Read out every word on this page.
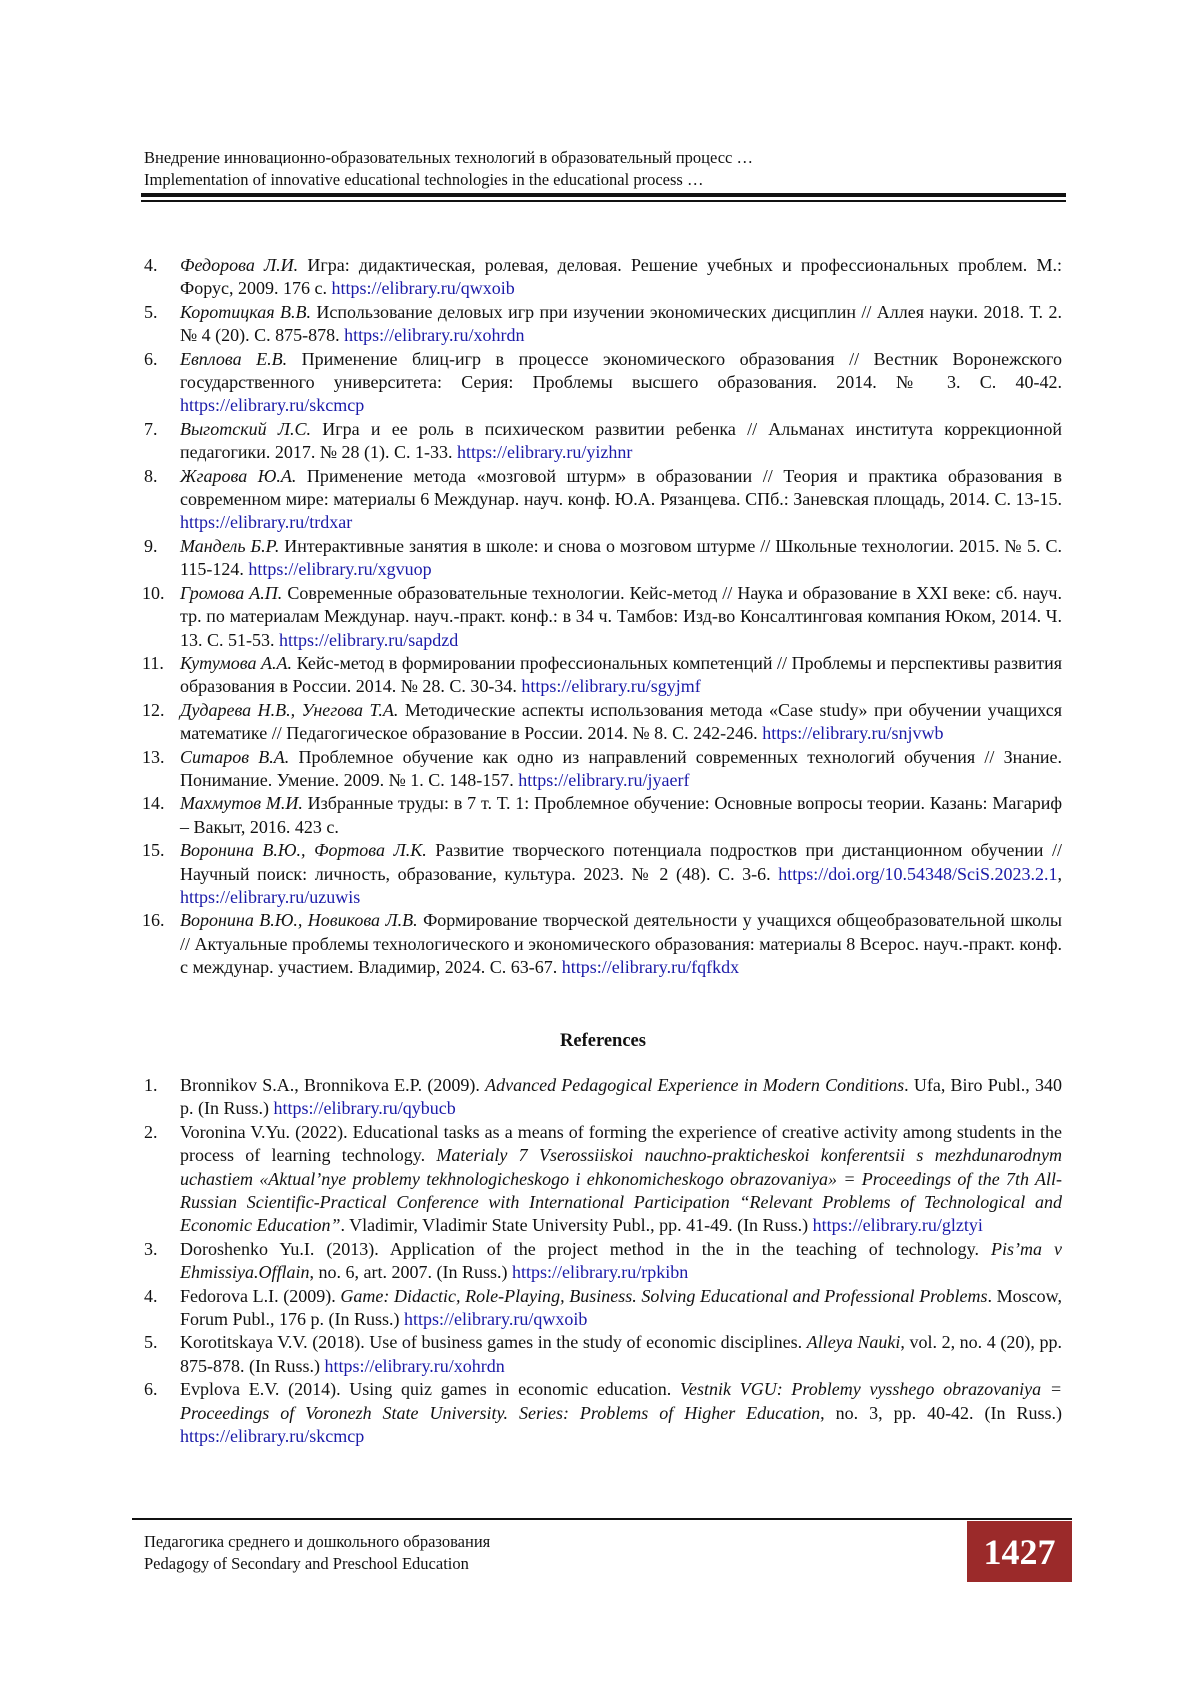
Внедрение инновационно-образовательных технологий в образовательный процесс …
Implementation of innovative educational technologies in the educational process …
4. Федорова Л.И. Игра: дидактическая, ролевая, деловая. Решение учебных и профессиональных проблем. М.: Форус, 2009. 176 с. https://elibrary.ru/qwxoib
5. Коротицкая В.В. Использование деловых игр при изучении экономических дисциплин // Аллея науки. 2018. Т. 2. № 4 (20). С. 875-878. https://elibrary.ru/xohrdn
6. Евплова Е.В. Применение блиц-игр в процессе экономического образования // Вестник Воронежского государственного университета: Серия: Проблемы высшего образования. 2014. № 3. С. 40-42. https://elibrary.ru/skcmcp
7. Выготский Л.С. Игра и ее роль в психическом развитии ребенка // Альманах института коррекционной педагогики. 2017. № 28 (1). С. 1-33. https://elibrary.ru/yizhnr
8. Жгарова Ю.А. Применение метода «мозговой штурм» в образовании // Теория и практика образования в современном мире: материалы 6 Междунар. науч. конф. Ю.А. Рязанцева. СПб.: Заневская площадь, 2014. С. 13-15. https://elibrary.ru/trdxar
9. Мандель Б.Р. Интерактивные занятия в школе: и снова о мозговом штурме // Школьные технологии. 2015. № 5. С. 115-124. https://elibrary.ru/xgvuop
10. Громова А.П. Современные образовательные технологии. Кейс-метод // Наука и образование в XXI веке: сб. науч. тр. по материалам Междунар. науч.-практ. конф.: в 34 ч. Тамбов: Изд-во Консалтинговая компания Юком, 2014. Ч. 13. С. 51-53. https://elibrary.ru/sapdzd
11. Кутумова А.А. Кейс-метод в формировании профессиональных компетенций // Проблемы и перспективы развития образования в России. 2014. № 28. С. 30-34. https://elibrary.ru/sgyjmf
12. Дударева Н.В., Унегова Т.А. Методические аспекты использования метода «Case study» при обучении учащихся математике // Педагогическое образование в России. 2014. № 8. С. 242-246. https://elibrary.ru/snjvwb
13. Ситаров В.А. Проблемное обучение как одно из направлений современных технологий обучения // Знание. Понимание. Умение. 2009. № 1. С. 148-157. https://elibrary.ru/jyaerf
14. Махмутов М.И. Избранные труды: в 7 т. Т. 1: Проблемное обучение: Основные вопросы теории. Казань: Магариф – Вакыт, 2016. 423 с.
15. Воронина В.Ю., Фортова Л.К. Развитие творческого потенциала подростков при дистанционном обучении // Научный поиск: личность, образование, культура. 2023. № 2 (48). С. 3-6. https://doi.org/10.54348/SciS.2023.2.1, https://elibrary.ru/uzuwis
16. Воронина В.Ю., Новикова Л.В. Формирование творческой деятельности у учащихся общеобразовательной школы // Актуальные проблемы технологического и экономического образования: материалы 8 Всерос. науч.-практ. конф. с междунар. участием. Владимир, 2024. С. 63-67. https://elibrary.ru/fqfkdx
References
1. Bronnikov S.A., Bronnikova E.P. (2009). Advanced Pedagogical Experience in Modern Conditions. Ufa, Biro Publ., 340 p. (In Russ.) https://elibrary.ru/qybucb
2. Voronina V.Yu. (2022). Educational tasks as a means of forming the experience of creative activity among students in the process of learning technology. Materialy 7 Vserossiiskoi nauchno-prakticheskoi konferentsii s mezhdunarodnym uchastiem «Aktual’nye problemy tekhnologicheskogo i ehkonomicheskogo obrazovaniya» = Proceedings of the 7th All-Russian Scientific-Practical Conference with International Participation “Relevant Problems of Technological and Economic Education”. Vladimir, Vladimir State University Publ., pp. 41-49. (In Russ.) https://elibrary.ru/glztyi
3. Doroshenko Yu.I. (2013). Application of the project method in the in the teaching of technology. Pis’ma v Ehmissiya.Offlain, no. 6, art. 2007. (In Russ.) https://elibrary.ru/rpkibn
4. Fedorova L.I. (2009). Game: Didactic, Role-Playing, Business. Solving Educational and Professional Problems. Moscow, Forum Publ., 176 p. (In Russ.) https://elibrary.ru/qwxoib
5. Korotitskaya V.V. (2018). Use of business games in the study of economic disciplines. Alleya Nauki, vol. 2, no. 4 (20), pp. 875-878. (In Russ.) https://elibrary.ru/xohrdn
6. Evplova E.V. (2014). Using quiz games in economic education. Vestnik VGU: Problemy vysshego obrazovaniya = Proceedings of Voronezh State University. Series: Problems of Higher Education, no. 3, pp. 40-42. (In Russ.) https://elibrary.ru/skcmcp
Педагогика среднего и дошкольного образования
Pedagogy of Secondary and Preschool Education	1427
